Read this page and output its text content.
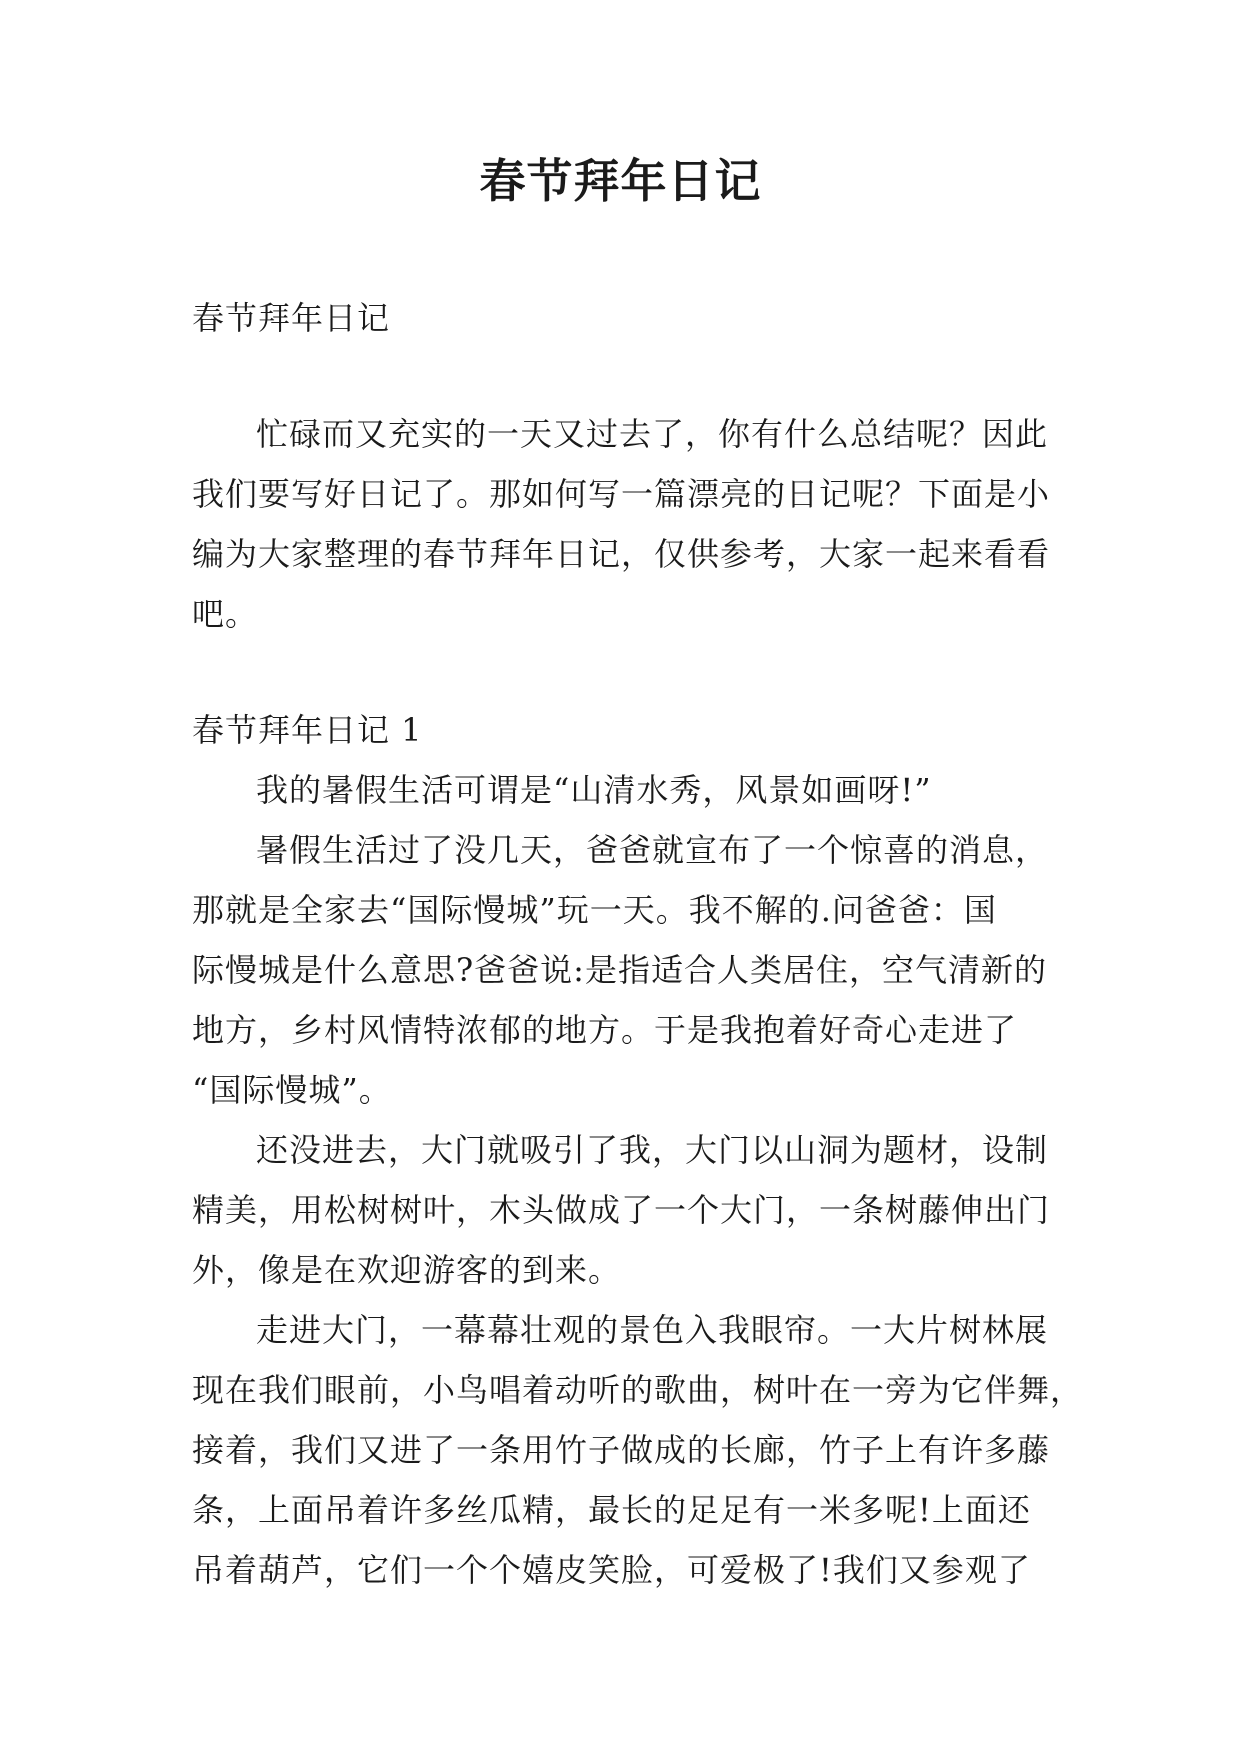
春节拜年日记

春节拜年日记

忙碌而又充实的一天又过去了，你有什么总结呢？因此
我们要写好日记了。那如何写一篇漂亮的日记呢？下面是小
编为大家整理的春节拜年日记，仅供参考，大家一起来看看
吧。

春节拜年日记 1

我的暑假生活可谓是“山清水秀，风景如画呀!”

暑假生活过了没几天，爸爸就宣布了一个惊喜的消息，
那就是全家去“国际慢城”玩一天。我不解的.问爸爸：国
际慢城是什么意思?爸爸说:是指适合人类居住，空气清新的
地方，乡村风情特浓郁的地方。于是我抱着好奇心走进了
“国际慢城”。

还没进去，大门就吸引了我，大门以山洞为题材，设制
精美，用松树树叶，木头做成了一个大门，一条树藤伸出门
外，像是在欢迎游客的到来。

走进大门，一幕幕壮观的景色入我眼帘。一大片树林展
现在我们眼前，小鸟唱着动听的歌曲，树叶在一旁为它伴舞，
接着，我们又进了一条用竹子做成的长廊，竹子上有许多藤
条，上面吊着许多丝瓜精，最长的足足有一米多呢!上面还
吊着葫芦，它们一个个嬉皮笑脸，可爱极了!我们又参观了
